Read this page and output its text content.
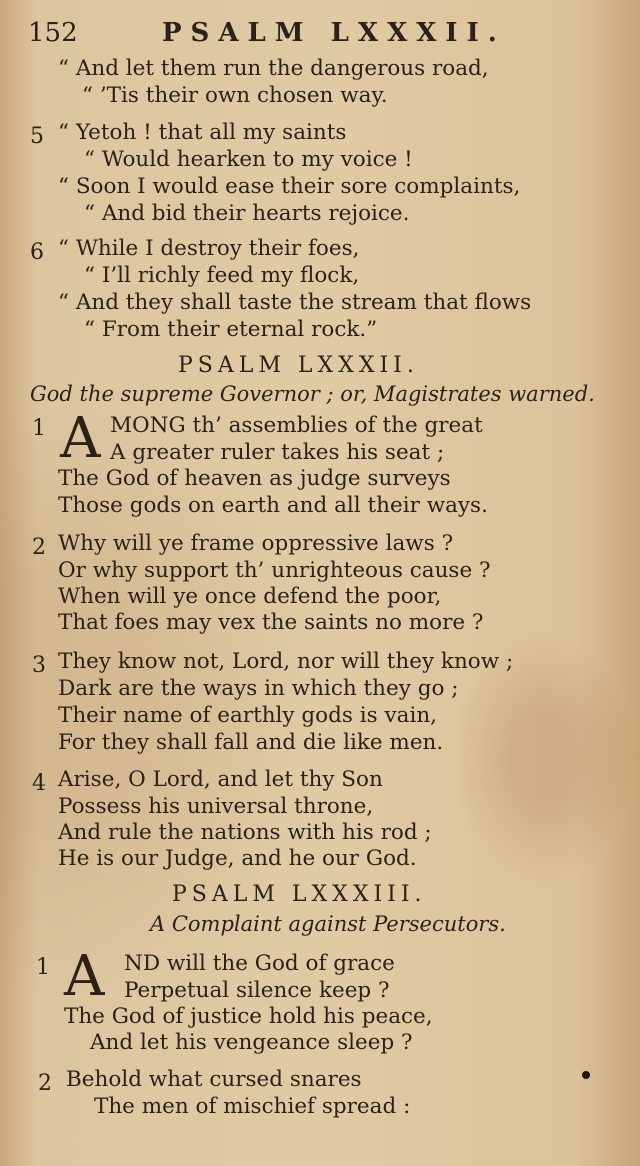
152	PSALM LXXXII.
“ And let them run the dangerous road,
“ ’Tis their own chosen way.
5 “ Yetoh ! that all my saints
“ Would hearken to my voice !
“ Soon I would ease their sore complaints,
“ And bid their hearts rejoice.
6 “ While I destroy their foes,
“ I’ll richly feed my flock,
“ And they shall taste the stream that flows
“ From their eternal rock.”
PSALM LXXXII.
God the supreme Governor ; or, Magistrates warned.
1 A MONG th’ assemblies of the great
A greater ruler takes his seat ;
The God of heaven as judge surveys
Those gods on earth and all their ways.
2 Why will ye frame oppressive laws ?
Or why support th’ unrighteous cause ?
When will ye once defend the poor,
That foes may vex the saints no more ?
3 They know not, Lord, nor will they know ;
Dark are the ways in which they go ;
Their name of earthly gods is vain,
For they shall fall and die like men.
4 Arise, O Lord, and let thy Son
Possess his universal throne,
And rule the nations with his rod ;
He is our Judge, and he our God.
PSALM LXXXIII.
A Complaint against Persecutors.
1 A ND will the God of grace
Perpetual silence keep ?
The God of justice hold his peace,
And let his vengeance sleep ?
2 Behold what cursed snares
The men of mischief spread :
